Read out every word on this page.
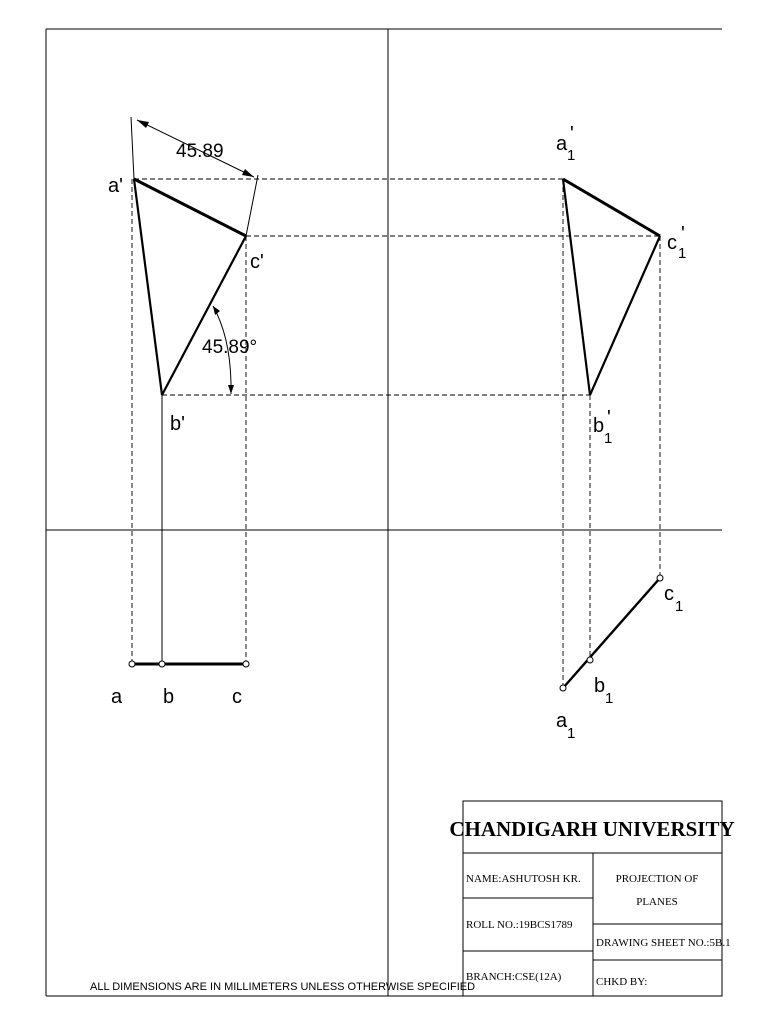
45.89
45.89°
a'
c'
b'
a b	c
a
1
'
c 1
'
b
1
'
c
1
b
1
a
1
ALL DIMENSIONS ARE IN MILLIMETERS UNLESS OTHERWISE SPECIFIED
CHANDIGARH UNIVERSITY
NAME:ASHUTOSH KR.
ROLL NO.:19BCS1789
BRANCH:CSE(12A)
PROJECTION OF
PLANES
DRAWING SHEET NO.:5B.1
CHKD BY:
